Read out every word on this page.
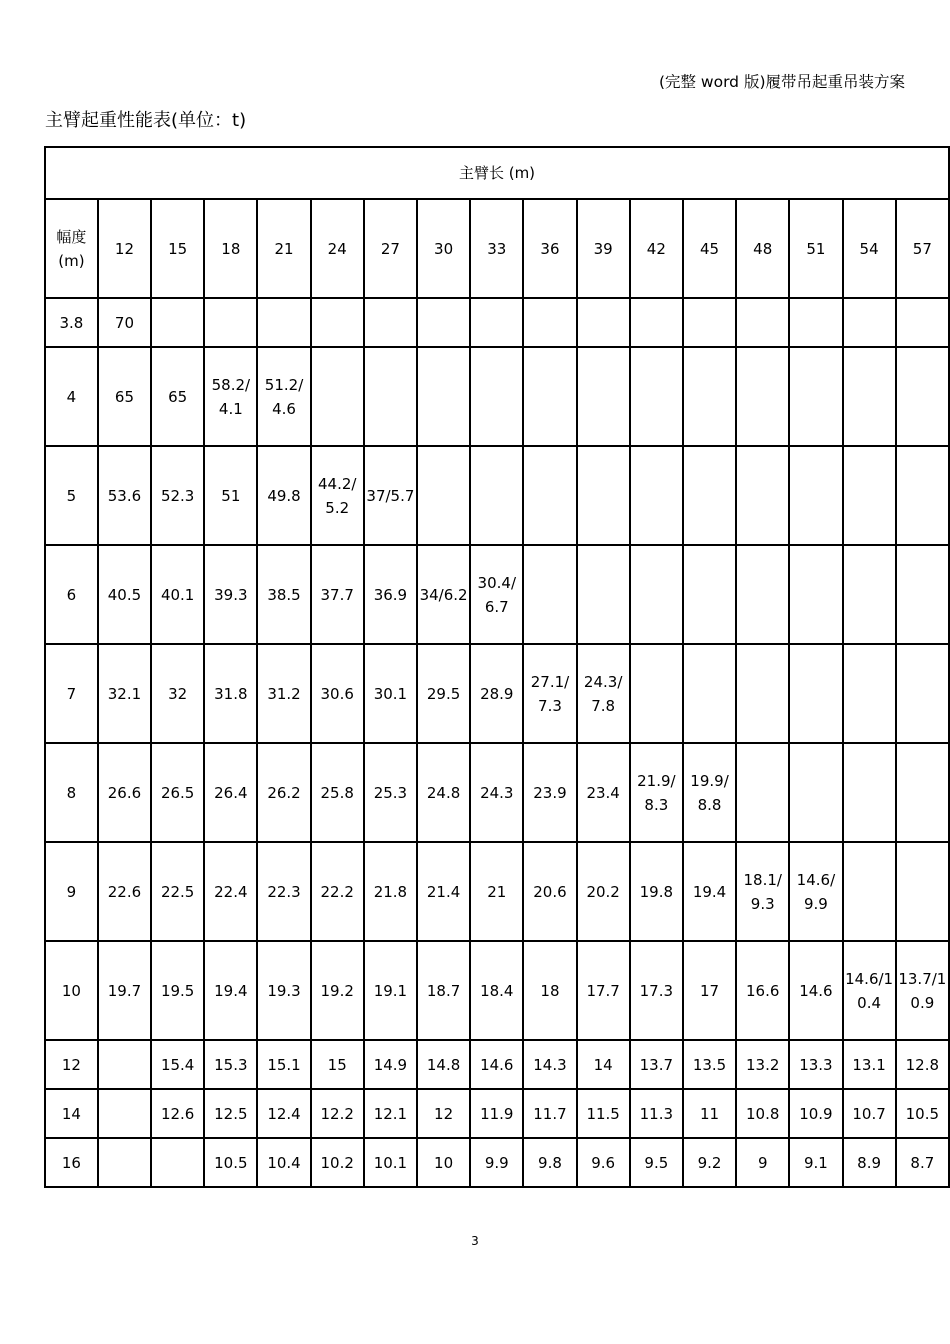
(完整 word 版)履带吊起重吊装方案
主臂起重性能表(单位：t)
主臂长 (m)																

幅度
(m)	12	15	18	21	24	27	30	33	36	39	42	45	48	51	54	57
3.8	70															
4	65	65	58.2/4.1	51.2/4.6												
5	53.6	52.3	51	49.8	44.2/5.2	37/5.7										
6	40.5	40.1	39.3	38.5	37.7	36.9	34/6.2	30.4/6.7								
7	32.1	32	31.8	31.2	30.6	30.1	29.5	28.9	27.1/7.3	24.3/7.8						
8	26.6	26.5	26.4	26.2	25.8	25.3	24.8	24.3	23.9	23.4	21.9/8.3	19.9/8.8				
9	22.6	22.5	22.4	22.3	22.2	21.8	21.4	21	20.6	20.2	19.8	19.4	18.1/9.3	14.6/9.9		
10	19.7	19.5	19.4	19.3	19.2	19.1	18.7	18.4	18	17.7	17.3	17	16.6	14.6	14.6/10.4	13.7/10.9
12		15.4	15.3	15.1	15	14.9	14.8	14.6	14.3	14	13.7	13.5	13.2	13.3	13.1	12.8
14		12.6	12.5	12.4	12.2	12.1	12	11.9	11.7	11.5	11.3	11	10.8	10.9	10.7	10.5
16			10.5	10.4	10.2	10.1	10	9.9	9.8	9.6	9.5	9.2	9	9.1	8.9	8.7
3
